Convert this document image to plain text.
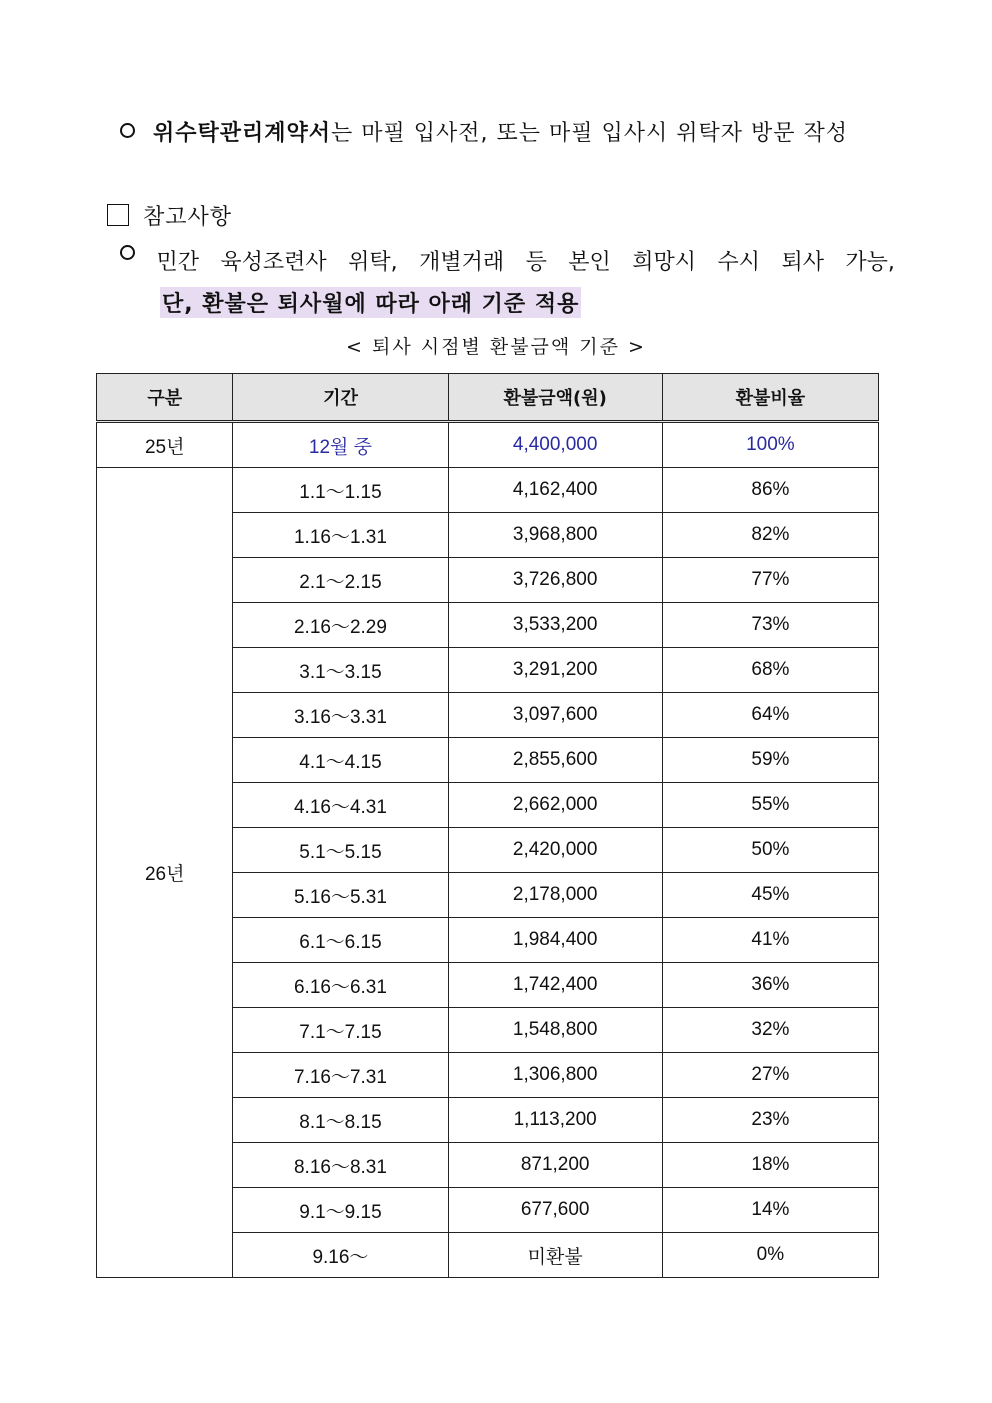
위수탁관리계약서는 마필 입사전, 또는 마필 입사시 위탁자 방문 작성
참고사항
민간 육성조련사 위탁, 개별거래 등 본인 희망시 수시 퇴사 가능,
단, 환불은 퇴사월에 따라 아래 기준 적용
< 퇴사 시점별 환불금액 기준 >
구분	기간	환불금액(원)	환불비율
25년	12월 중	4,400,000	100%
26년	1.1～1.15	4,162,400	86%
	1.16～1.31	3,968,800	82%
	2.1～2.15	3,726,800	77%
	2.16～2.29	3,533,200	73%
	3.1～3.15	3,291,200	68%
	3.16～3.31	3,097,600	64%
	4.1～4.15	2,855,600	59%
	4.16～4.31	2,662,000	55%
	5.1～5.15	2,420,000	50%
	5.16～5.31	2,178,000	45%
	6.1～6.15	1,984,400	41%
	6.16～6.31	1,742,400	36%
	7.1～7.15	1,548,800	32%
	7.16～7.31	1,306,800	27%
	8.1～8.15	1,113,200	23%
	8.16～8.31	871,200	18%
	9.1～9.15	677,600	14%
	9.16～	미환불	0%
